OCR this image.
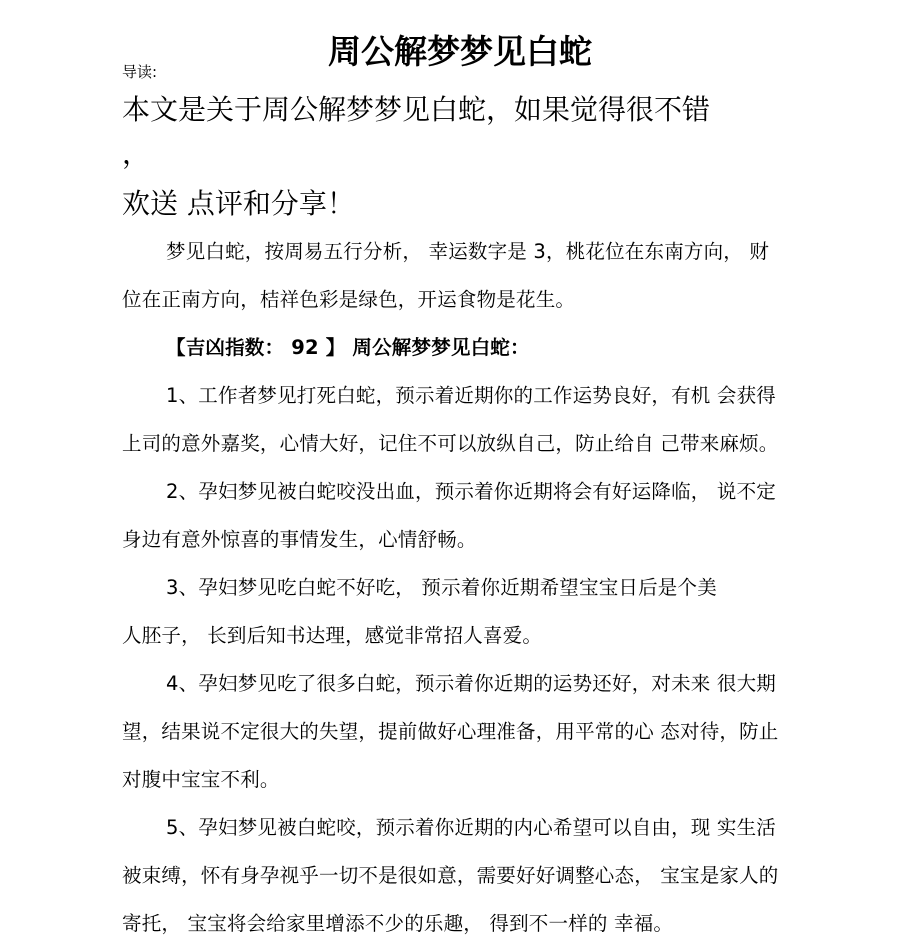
周公解梦梦见白蛇
导读:
本文是关于周公解梦梦见白蛇，如果觉得很不错
，
欢送 点评和分享！
梦见白蛇，按周易五行分析， 幸运数字是 3，桃花位在东南方向， 财
位在正南方向，桔祥色彩是绿色，开运食物是花生。
【吉凶指数： 92 】 周公解梦梦见白蛇：
1、工作者梦见打死白蛇，预示着近期你的工作运势良好，有机 会获得
上司的意外嘉奖，心情大好，记住不可以放纵自己，防止给自 己带来麻烦。
2、孕妇梦见被白蛇咬没出血，预示着你近期将会有好运降临， 说不定
身边有意外惊喜的事情发生，心情舒畅。
3、孕妇梦见吃白蛇不好吃， 预示着你近期希望宝宝日后是个美
人胚子， 长到后知书达理，感觉非常招人喜爱。
4、孕妇梦见吃了很多白蛇，预示着你近期的运势还好，对未来 很大期
望，结果说不定很大的失望，提前做好心理准备，用平常的心 态对待，防止
对腹中宝宝不利。
5、孕妇梦见被白蛇咬，预示着你近期的内心希望可以自由，现 实生活
被束缚，怀有身孕视乎一切不是很如意，需要好好调整心态， 宝宝是家人的
寄托， 宝宝将会给家里增添不少的乐趣， 得到不一样的 幸福。
